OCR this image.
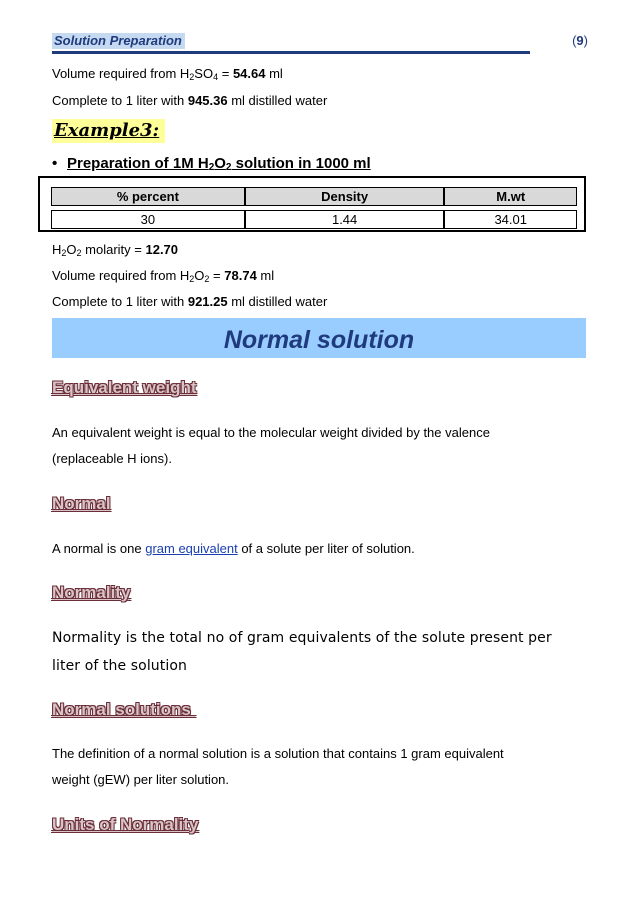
Solution Preparation	(9)
Volume required from $H_2SO_4 = 54.64$ ml
Complete to 1 liter with 945.36 ml distilled water
Example3:
• Preparation of 1M $H_2O_2$ solution in 1000 ml
% percent	Density	M.wt
30	1.44	34.01
$H_2O_2$ molarity = 12.70
Volume required from $H_2O_2 = 78.74$ ml
Complete to 1 liter with 921.25 ml distilled water
Normal solution
Equivalent weight
An equivalent weight is equal to the molecular weight divided by the valence
(replaceable H ions).
Normal
A normal is one gram equivalent of a solute per liter of solution.
Normality
Normality is the total no of gram equivalents of the solute present per
liter of the solution
Normal solutions
The definition of a normal solution is a solution that contains 1 gram equivalent
weight (gEW) per liter solution.
Units of Normality
